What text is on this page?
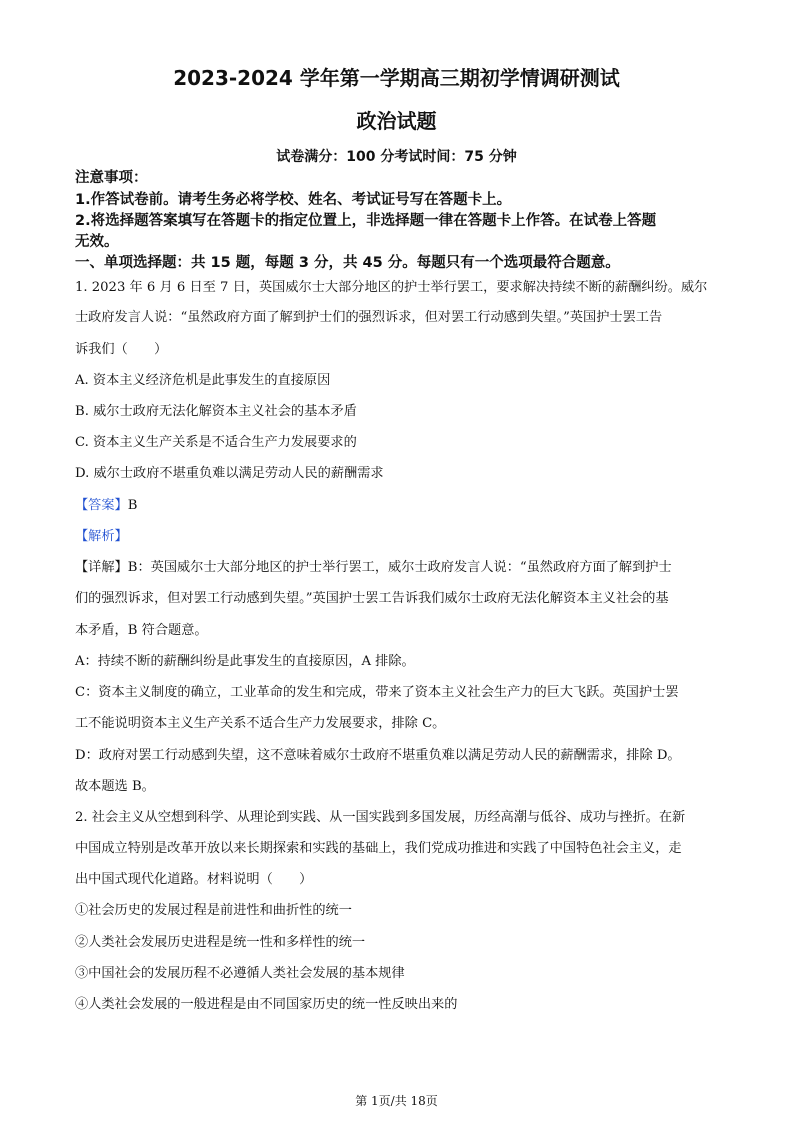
2023-2024 学年第一学期高三期初学情调研测试
政治试题
试卷满分：100 分考试时间：75 分钟
注意事项：
1.作答试卷前。请考生务必将学校、姓名、考试证号写在答题卡上。
2.将选择题答案填写在答题卡的指定位置上，非选择题一律在答题卡上作答。在试卷上答题
无效。
一、单项选择题：共 15 题，每题 3 分，共 45 分。每题只有一个选项最符合题意。
1. 2023 年 6 月 6 日至 7 日，英国威尔士大部分地区的护士举行罢工，要求解决持续不断的薪酬纠纷。威尔
士政府发言人说：“虽然政府方面了解到护士们的强烈诉求，但对罢工行动感到失望。”英国护士罢工告
诉我们（　　）
A. 资本主义经济危机是此事发生的直接原因
B. 威尔士政府无法化解资本主义社会的基本矛盾
C. 资本主义生产关系是不适合生产力发展要求的
D. 威尔士政府不堪重负难以满足劳动人民的薪酬需求
【答案】B
【解析】
【详解】B：英国威尔士大部分地区的护士举行罢工，威尔士政府发言人说：“虽然政府方面了解到护士
们的强烈诉求，但对罢工行动感到失望。”英国护士罢工告诉我们威尔士政府无法化解资本主义社会的基
本矛盾，B 符合题意。
A：持续不断的薪酬纠纷是此事发生的直接原因，A 排除。
C：资本主义制度的确立，工业革命的发生和完成，带来了资本主义社会生产力的巨大飞跃。英国护士罢
工不能说明资本主义生产关系不适合生产力发展要求，排除 C。
D：政府对罢工行动感到失望，这不意味着威尔士政府不堪重负难以满足劳动人民的薪酬需求，排除 D。
故本题选 B。
2. 社会主义从空想到科学、从理论到实践、从一国实践到多国发展，历经高潮与低谷、成功与挫折。在新
中国成立特别是改革开放以来长期探索和实践的基础上，我们党成功推进和实践了中国特色社会主义，走
出中国式现代化道路。材料说明（　　）
①社会历史的发展过程是前进性和曲折性的统一
②人类社会发展历史进程是统一性和多样性的统一
③中国社会的发展历程不必遵循人类社会发展的基本规律
④人类社会发展的一般进程是由不同国家历史的统一性反映出来的
第 1页/共 18页
